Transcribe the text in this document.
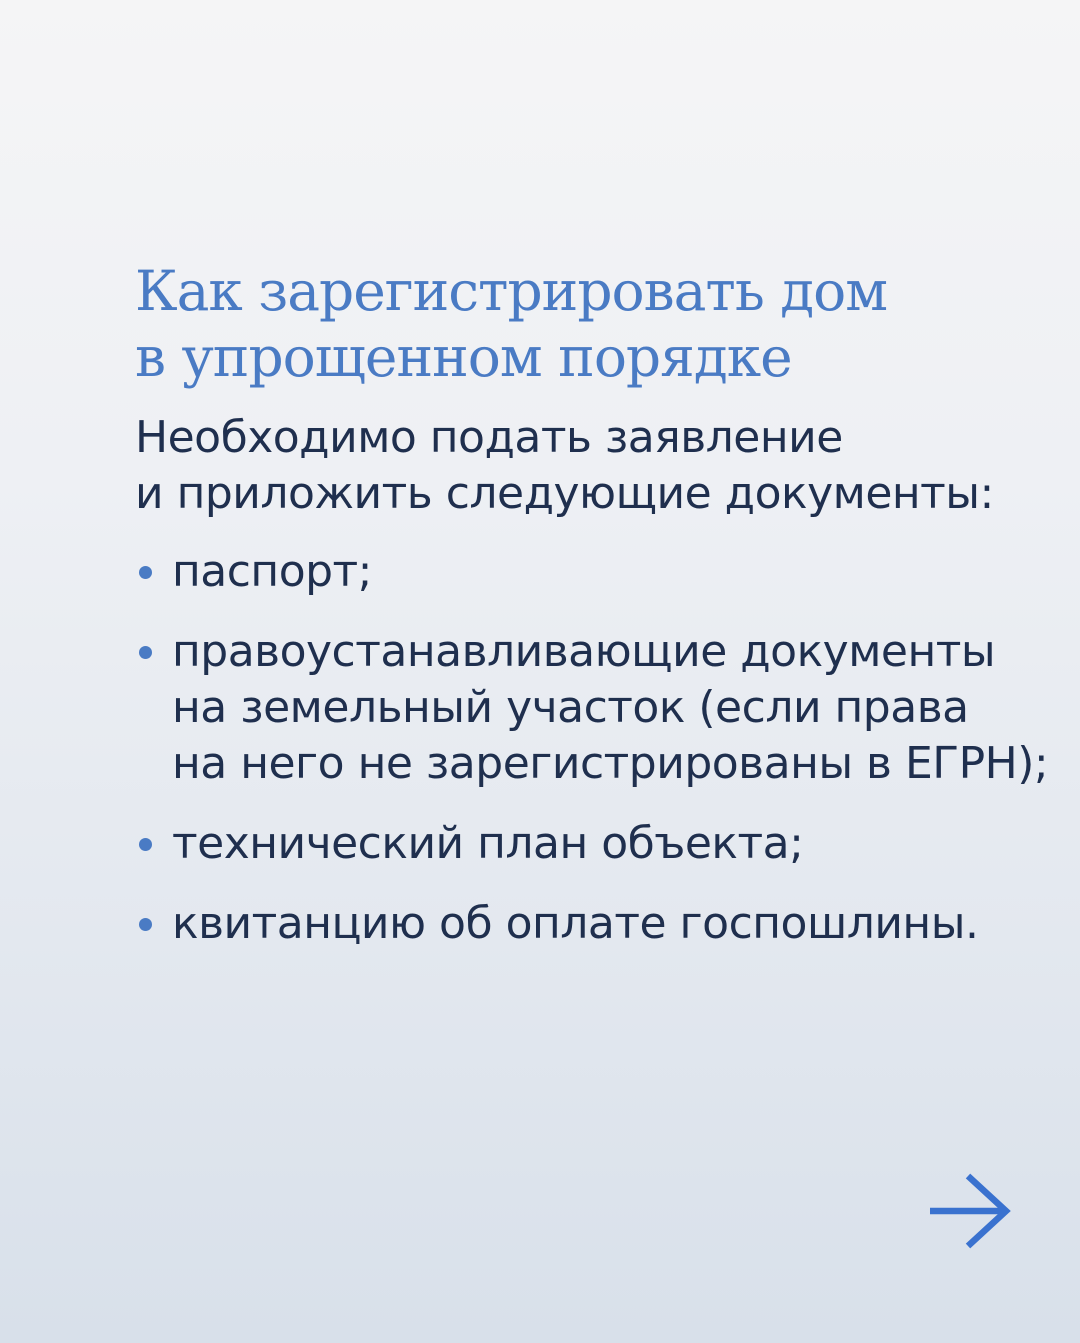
Как зарегистрировать дом
в упрощенном порядке

Необходимо подать заявление
и приложить следующие документы:

паспорт;
правоустанавливающие документы
на земельный участок (если права
на него не зарегистрированы в ЕГРН);
технический план объекта;
квитанцию об оплате госпошлины.
